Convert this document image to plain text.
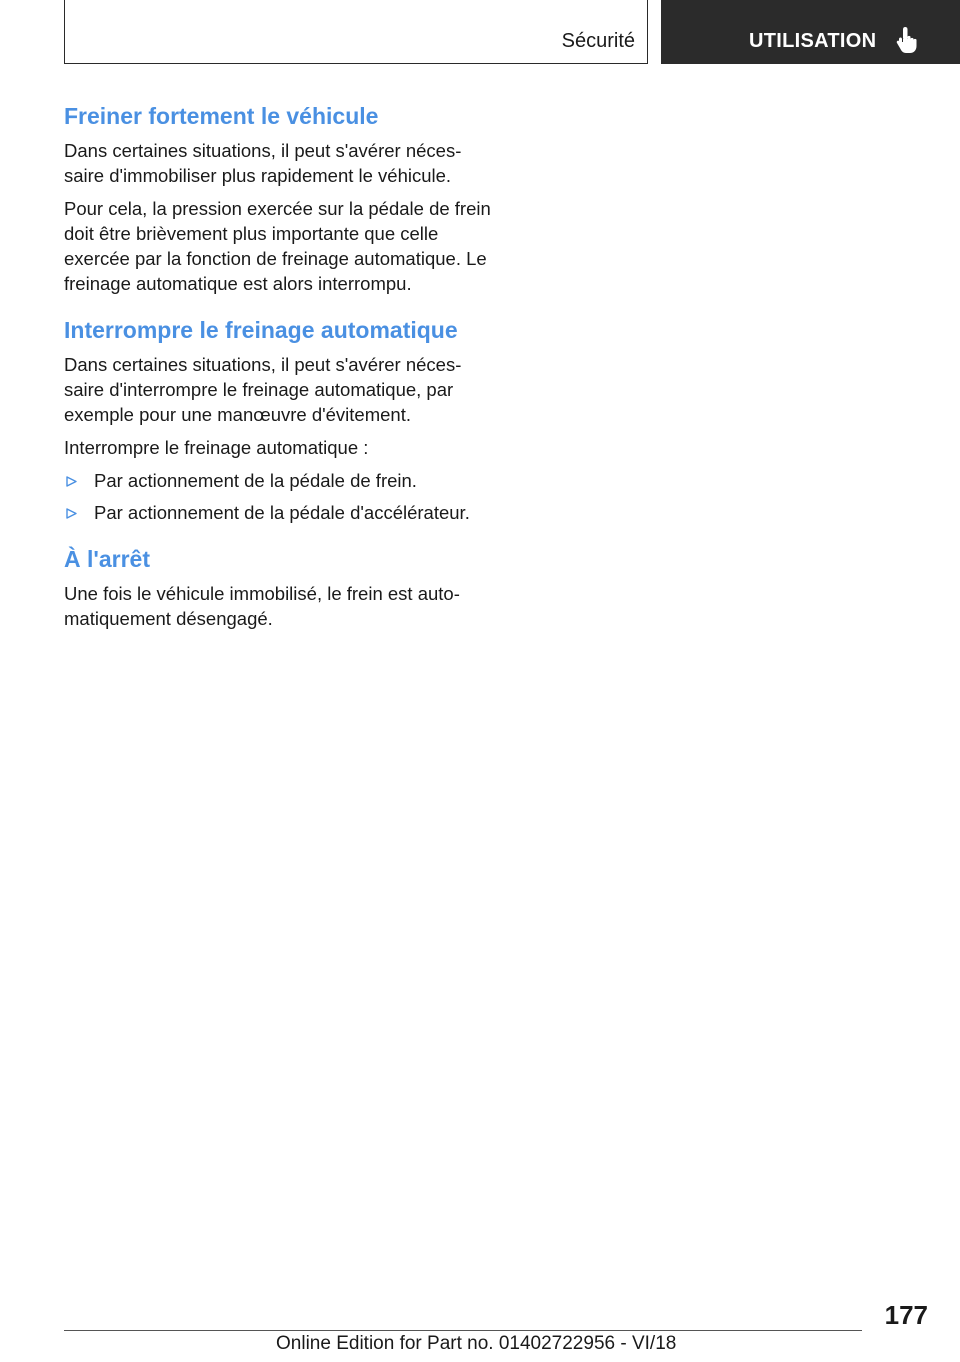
Sécurité	UTILISATION
Freiner fortement le véhicule

Dans certaines situations, il peut s'avérer nécessaire d'immobiliser plus rapidement le véhicule.

Pour cela, la pression exercée sur la pédale de frein doit être brièvement plus importante que celle exercée par la fonction de freinage automatique. Le freinage automatique est alors interrompu.

Interrompre le freinage automatique

Dans certaines situations, il peut s'avérer nécessaire d'interrompre le freinage automatique, par exemple pour une manœuvre d'évitement.

Interrompre le freinage automatique :

Par actionnement de la pédale de frein.
Par actionnement de la pédale d'accélérateur.
À l'arrêt

Une fois le véhicule immobilisé, le frein est automatiquement désengagé.

177
Online Edition for Part no. 01402722956 - VI/18
